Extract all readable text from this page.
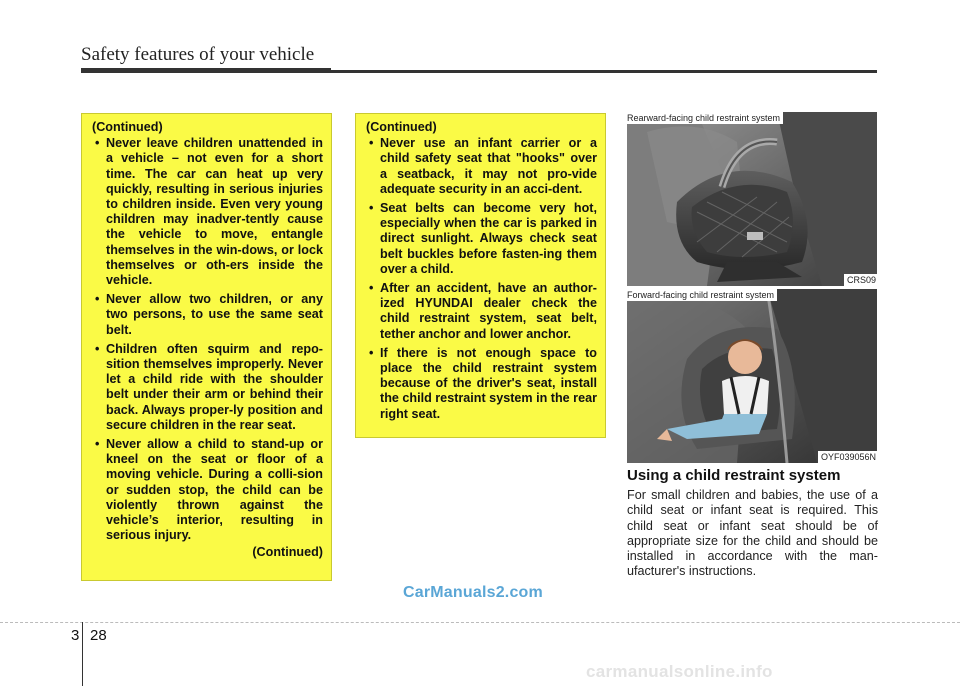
Safety features of your vehicle
(Continued)
• Never leave children unattended in a vehicle – not even for a short time. The car can heat up very quickly, resulting in serious injuries to children inside. Even very young children may inadver-tently cause the vehicle to move, entangle themselves in the win-dows, or lock themselves or oth-ers inside the vehicle.
• Never allow two children, or any two persons, to use the same seat belt.
• Children often squirm and repo-sition themselves improperly. Never let a child ride with the shoulder belt under their arm or behind their back. Always proper-ly position and secure children in the rear seat.
• Never allow a child to stand-up or kneel on the seat or floor of a moving vehicle. During a colli-sion or sudden stop, the child can be violently thrown against the vehicle’s interior, resulting in serious injury.
(Continued)
(Continued)
• Never use an infant carrier or a child safety seat that "hooks" over a seatback, it may not pro-vide adequate security in an acci-dent.
• Seat belts can become very hot, especially when the car is parked in direct sunlight. Always check seat belt buckles before fasten-ing them over a child.
• After an accident, have an author-ized HYUNDAI dealer check the child restraint system, seat belt, tether anchor and lower anchor.
• If there is not enough space to place the child restraint system because of the driver's seat, install the child restraint system in the rear right seat.
Rearward-facing child restraint system
CRS09
Forward-facing child restraint system
OYF039056N
Using a child restraint system
For small children and babies, the use of a child seat or infant seat is required. This child seat or infant seat should be of appropriate size for the child and should be installed in accordance with the man-ufacturer's instructions.
CarManuals2.com
3 28
carmanualsonline.info
